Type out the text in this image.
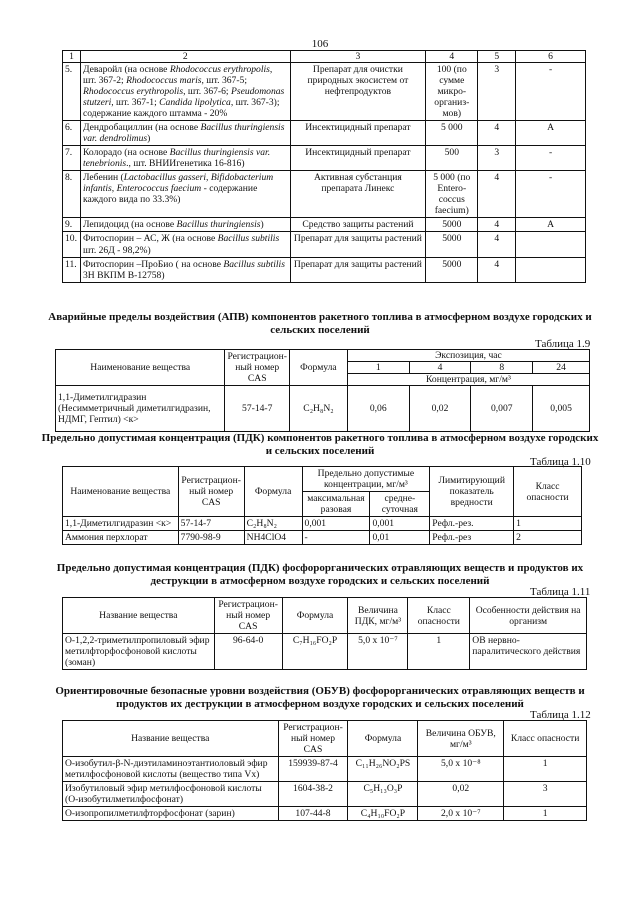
106
1	2	3	4	5	6
5.	Деваройл (на основе Rhodococcus erythropolis, шт. 367-2; Rhodococcus maris, шт. 367-5; Rhodococcus erythropolis, шт. 367-6; Pseudomonas stutzeri, шт. 367-1; Candida lipolytica, шт. 367-3); содержание каждого штамма - 20%	Препарат для очистки природных экосистем от нефтепродуктов	100 (по сумме микро-организ-мов)	3	-
6.	Дендробациллин (на основе Bacillus thuringiensis var. dendrolimus)	Инсектицидный препарат	5 000	4	А
7.	Колорадо (на основе Bacillus thuringiensis var. tenebrionis., шт. ВНИИгенетика 16-816)	Инсектицидный препарат	500	3	-
8.	Лебенин (Lactobacillus gasseri, Bifidobacterium infantis, Enterococcus faecium - содержание каждого вида по 33.3%)	Активная субстанция препарата Линекс	5 000 (по Entero-coccus faecium)	4	-
9.	Лепидоцид (на основе Bacillus thuringiensis)	Средство защиты растений	5000	4	А
10.	Фитоспорин – АС, Ж (на основе Bacillus subtilis шт. 26Д - 98,2%)	Препарат для защиты растений	5000	4	
11.	Фитоспорин –ПроБио ( на основе Bacillus subtilis 3Н ВКПМ В-12758)	Препарат для защиты растений	5000	4	
Аварийные пределы воздействия (АПВ) компонентов ракетного топлива в атмосферном воздухе городских и сельских поселений
Таблица 1.9
Наименование вещества	Регистрацион-ный номер CAS	Формула	Экспозиция, час			
			1	4	8	24
			Концентрация, мг/м³			
1,1-Диметилгидразин (Несимметричный диметилгидразин, НДМГ, Гептил) <к>	57-14-7	C₂H₈N₂	0,06	0,02	0,007	0,005
Предельно допустимая концентрация (ПДК) компонентов ракетного топлива в атмосферном воздухе городских и сельских поселений
Таблица 1.10
Наименование вещества	Регистрацион-ный номер CAS	Формула	Предельно допустимые концентрации, мг/м³		Лимитирующий показатель вредности	Класс опасности
			максимальная разовая	средне-суточная		
1,1-Диметилгидразин <к>	57-14-7	C₂H₈N₂	0,001	0,001	Рефл.-рез.	1
Аммония перхлорат	7790-98-9	NH4ClO4	-	0,01	Рефл.-рез	2
Предельно допустимая концентрация (ПДК) фосфорорганических отравляющих веществ и продуктов их деструкции в атмосферном воздухе городских и сельских поселений
Таблица 1.11
Название вещества	Регистрацион-ный номер CAS	Формула	Величина ПДК, мг/м³	Класс опасности	Особенности действия на организм
О-1,2,2-триметилпропиловый эфир метилфторфосфоновой кислоты (зоман)	96-64-0	C₇H₁₆FO₂P	5,0 x 10⁻⁷	1	ОВ нервно-паралитического действия
Ориентировочные безопасные уровни воздействия (ОБУВ) фосфорорганических отравляющих веществ и продуктов их деструкции в атмосферном воздухе городских и сельских поселений
Таблица 1.12
Название вещества	Регистрацион-ный номер CAS	Формула	Величина ОБУВ, мг/м³	Класс опасности
О-изобутил-β-N-диэтиламиноэтантиоловый эфир метилфосфоновой кислоты (вещество типа Vx)	159939-87-4	C₁₁H₂₆NO₂PS	5,0 x 10⁻⁸	1
Изобутиловый эфир метилфосфоновой кислоты (О-изобутилметилфосфонат)	1604-38-2	C₅H₁₃O₃P	0,02	3
О-изопропилметилфторфосфонат (зарин)	107-44-8	C₄H₁₀FO₂P	2,0 x 10⁻⁷	1
